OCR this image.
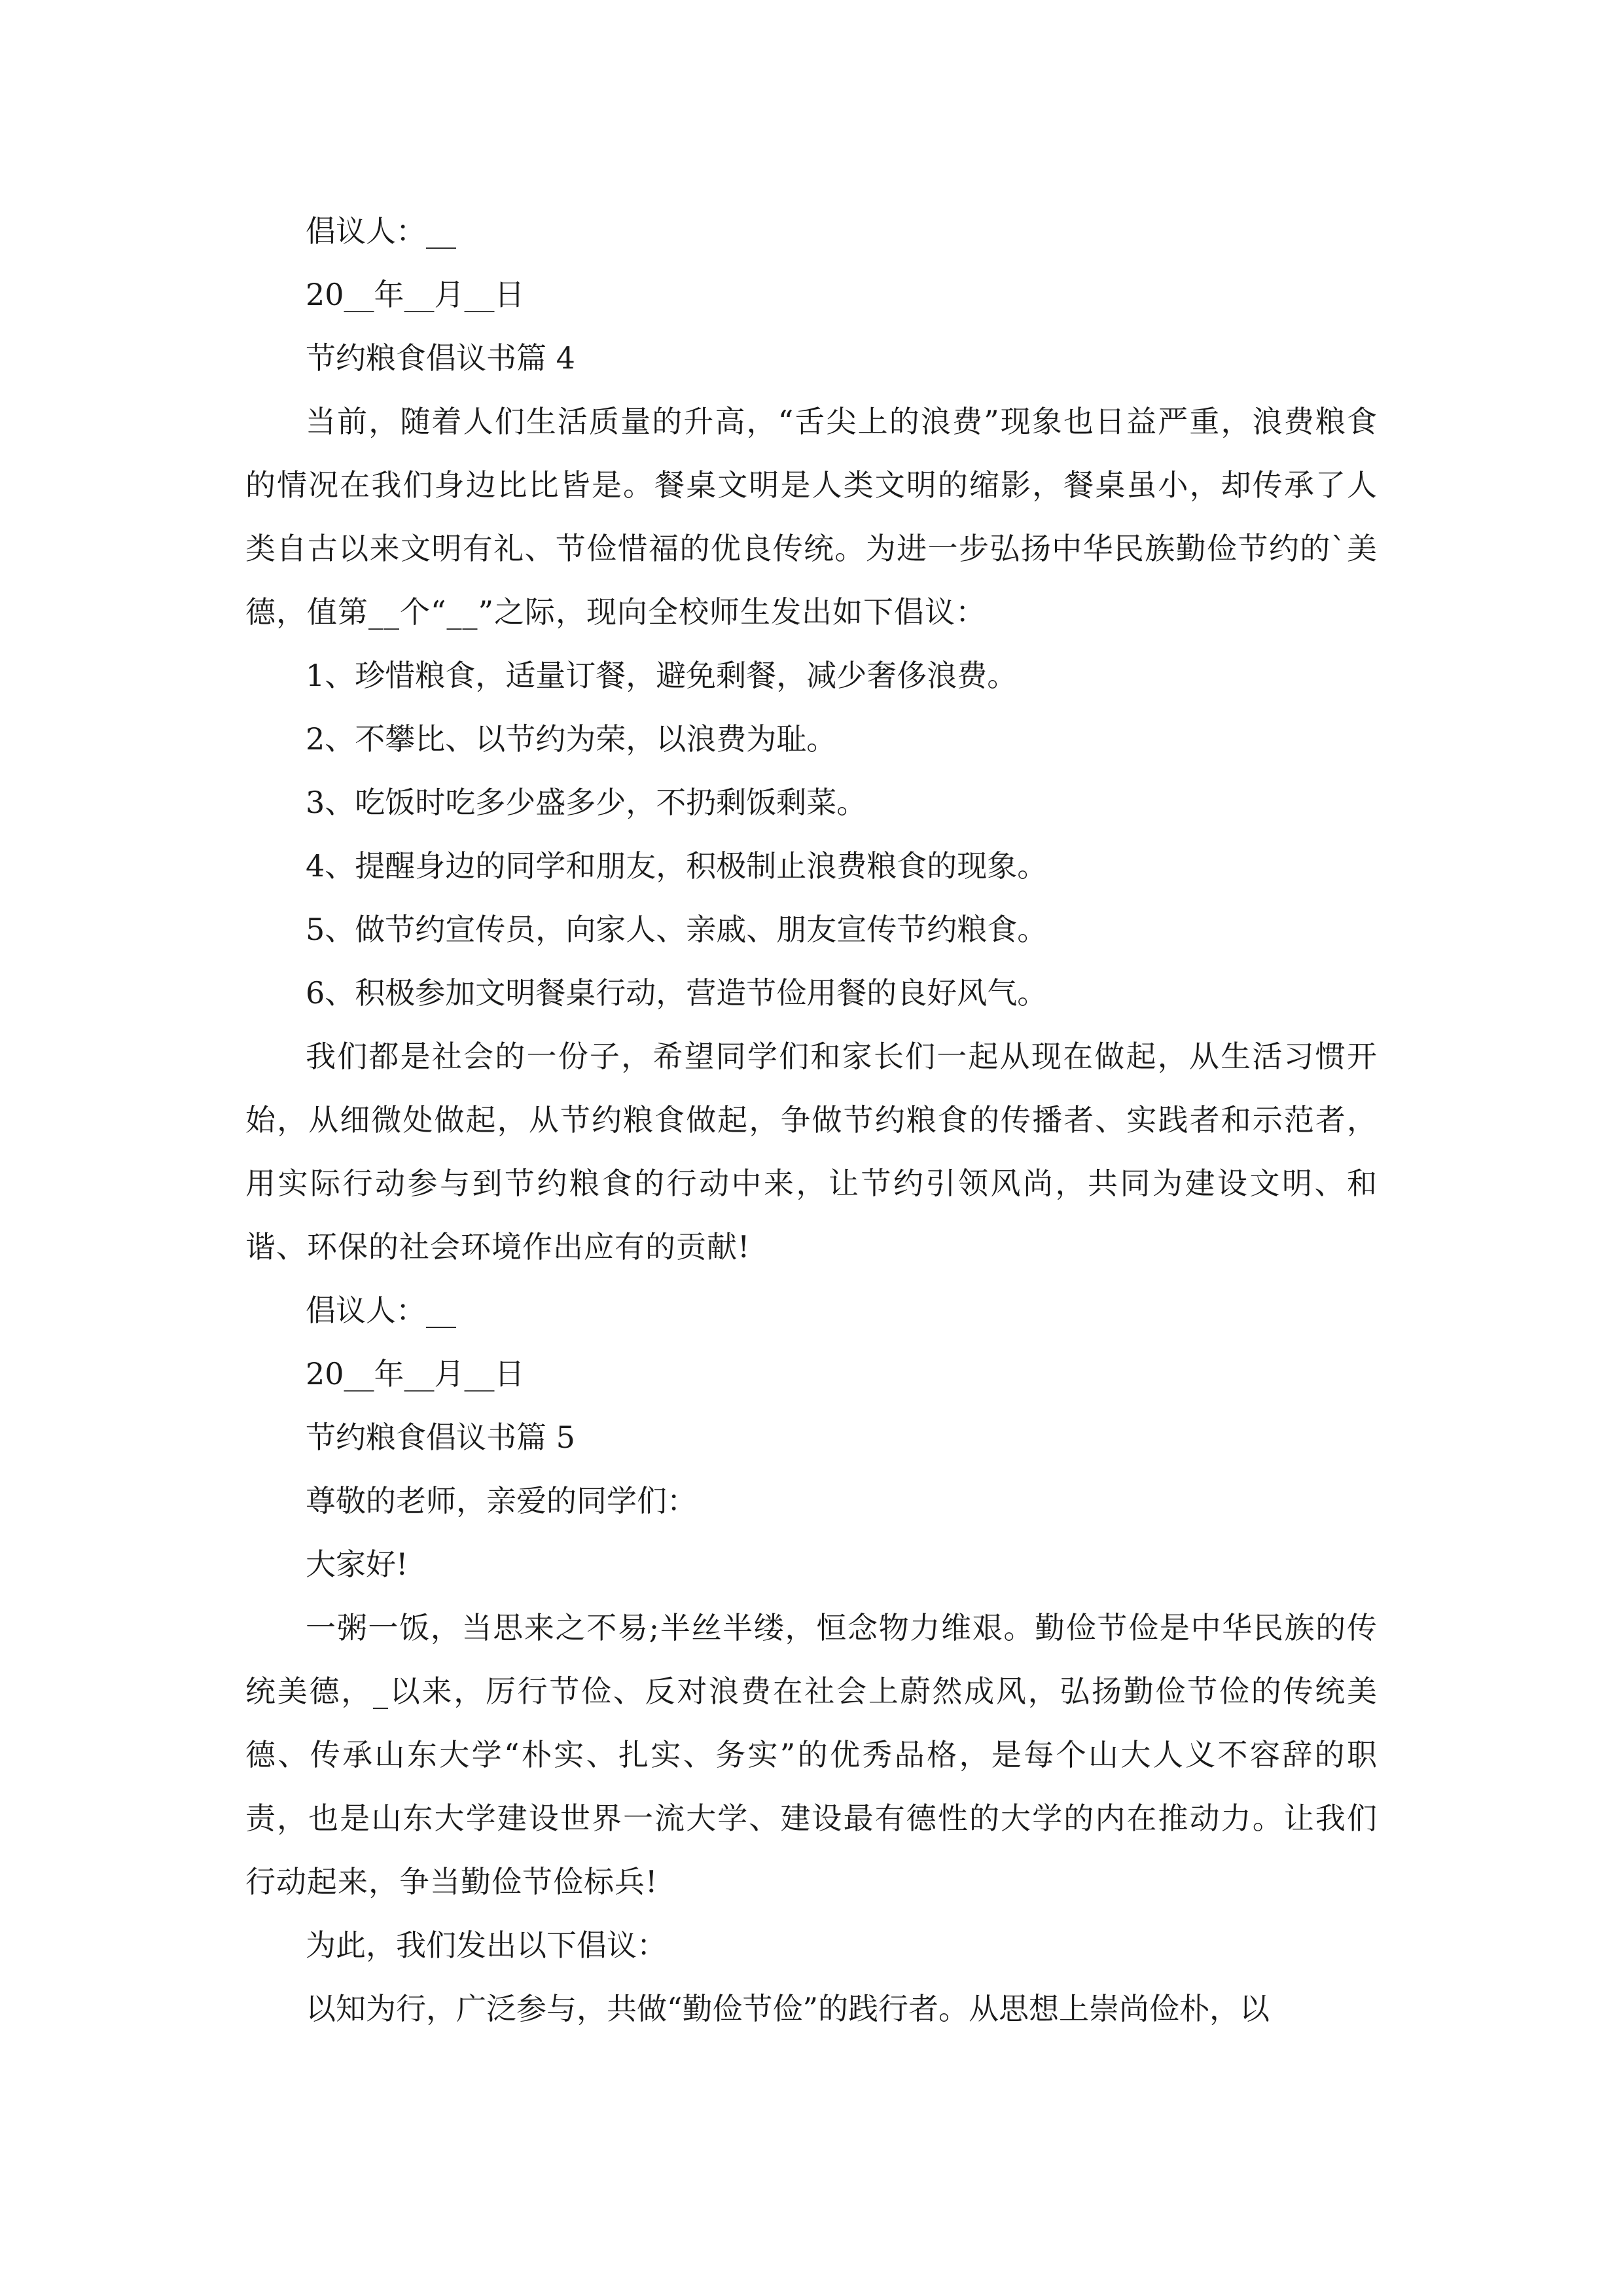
倡议人：__
20__年__月__日
节约粮食倡议书篇 4
当前，随着人们生活质量的升高，“舌尖上的浪费”现象也日益严重，浪费粮食的情况在我们身边比比皆是。餐桌文明是人类文明的缩影，餐桌虽小，却传承了人类自古以来文明有礼、节俭惜福的优良传统。为进一步弘扬中华民族勤俭节约的`美德，值第__个“__”之际，现向全校师生发出如下倡议：
1、珍惜粮食，适量订餐，避免剩餐，减少奢侈浪费。
2、不攀比、以节约为荣，以浪费为耻。
3、吃饭时吃多少盛多少，不扔剩饭剩菜。
4、提醒身边的同学和朋友，积极制止浪费粮食的现象。
5、做节约宣传员，向家人、亲戚、朋友宣传节约粮食。
6、积极参加文明餐桌行动，营造节俭用餐的良好风气。
我们都是社会的一份子，希望同学们和家长们一起从现在做起，从生活习惯开始，从细微处做起，从节约粮食做起，争做节约粮食的传播者、实践者和示范者，用实际行动参与到节约粮食的行动中来，让节约引领风尚，共同为建设文明、和谐、环保的社会环境作出应有的贡献!
倡议人：__
20__年__月__日
节约粮食倡议书篇 5
尊敬的老师，亲爱的同学们：
大家好!
一粥一饭，当思来之不易;半丝半缕，恒念物力维艰。勤俭节俭是中华民族的传统美德，_以来，厉行节俭、反对浪费在社会上蔚然成风，弘扬勤俭节俭的传统美德、传承山东大学“朴实、扎实、务实”的优秀品格，是每个山大人义不容辞的职责，也是山东大学建设世界一流大学、建设最有德性的大学的内在推动力。让我们行动起来，争当勤俭节俭标兵!
为此，我们发出以下倡议：
以知为行，广泛参与，共做“勤俭节俭”的践行者。从思想上崇尚俭朴，以
